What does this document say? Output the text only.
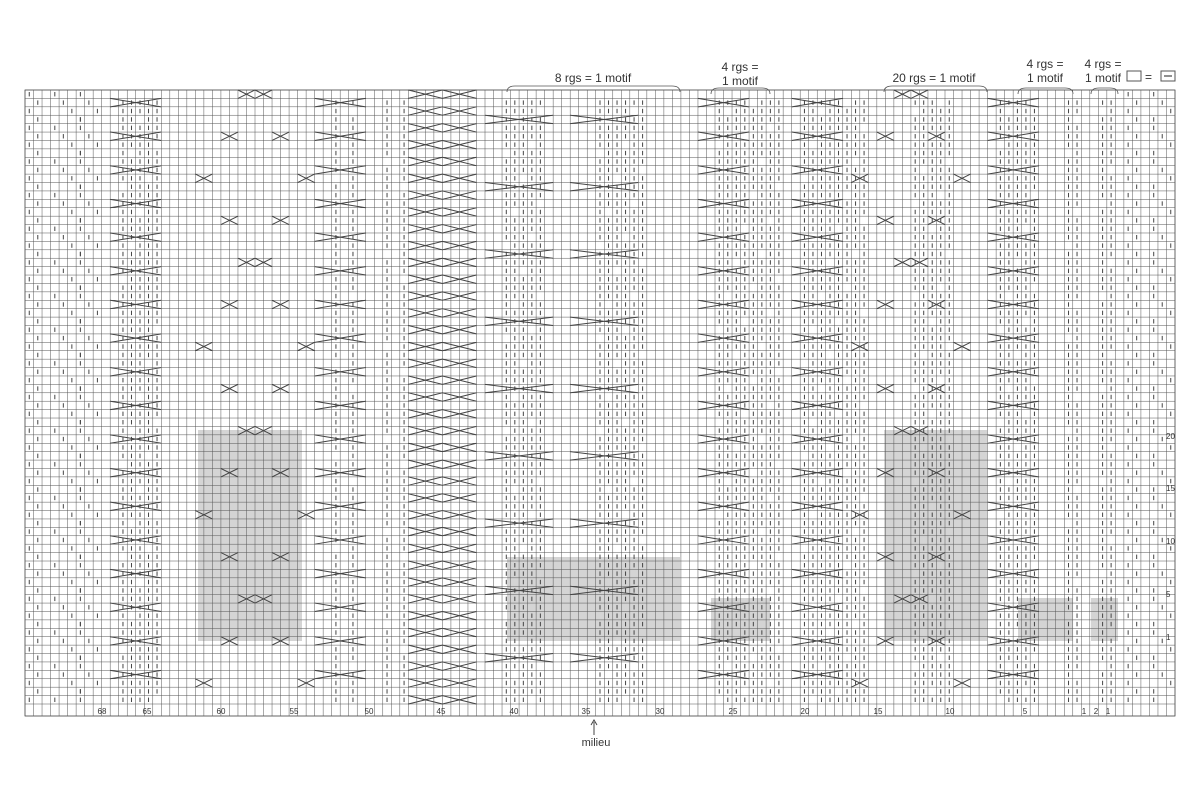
=
8 rgs = 1 motif
4 rgs =
1 motif	20 rgs = 1 motif
4 rgs =
1 motif
4 rgs =
1 motif
68	65	60	55	50	45	40	35	30	25	20	15	10	5	1 2 1
20
15
10
5
1
milieu
